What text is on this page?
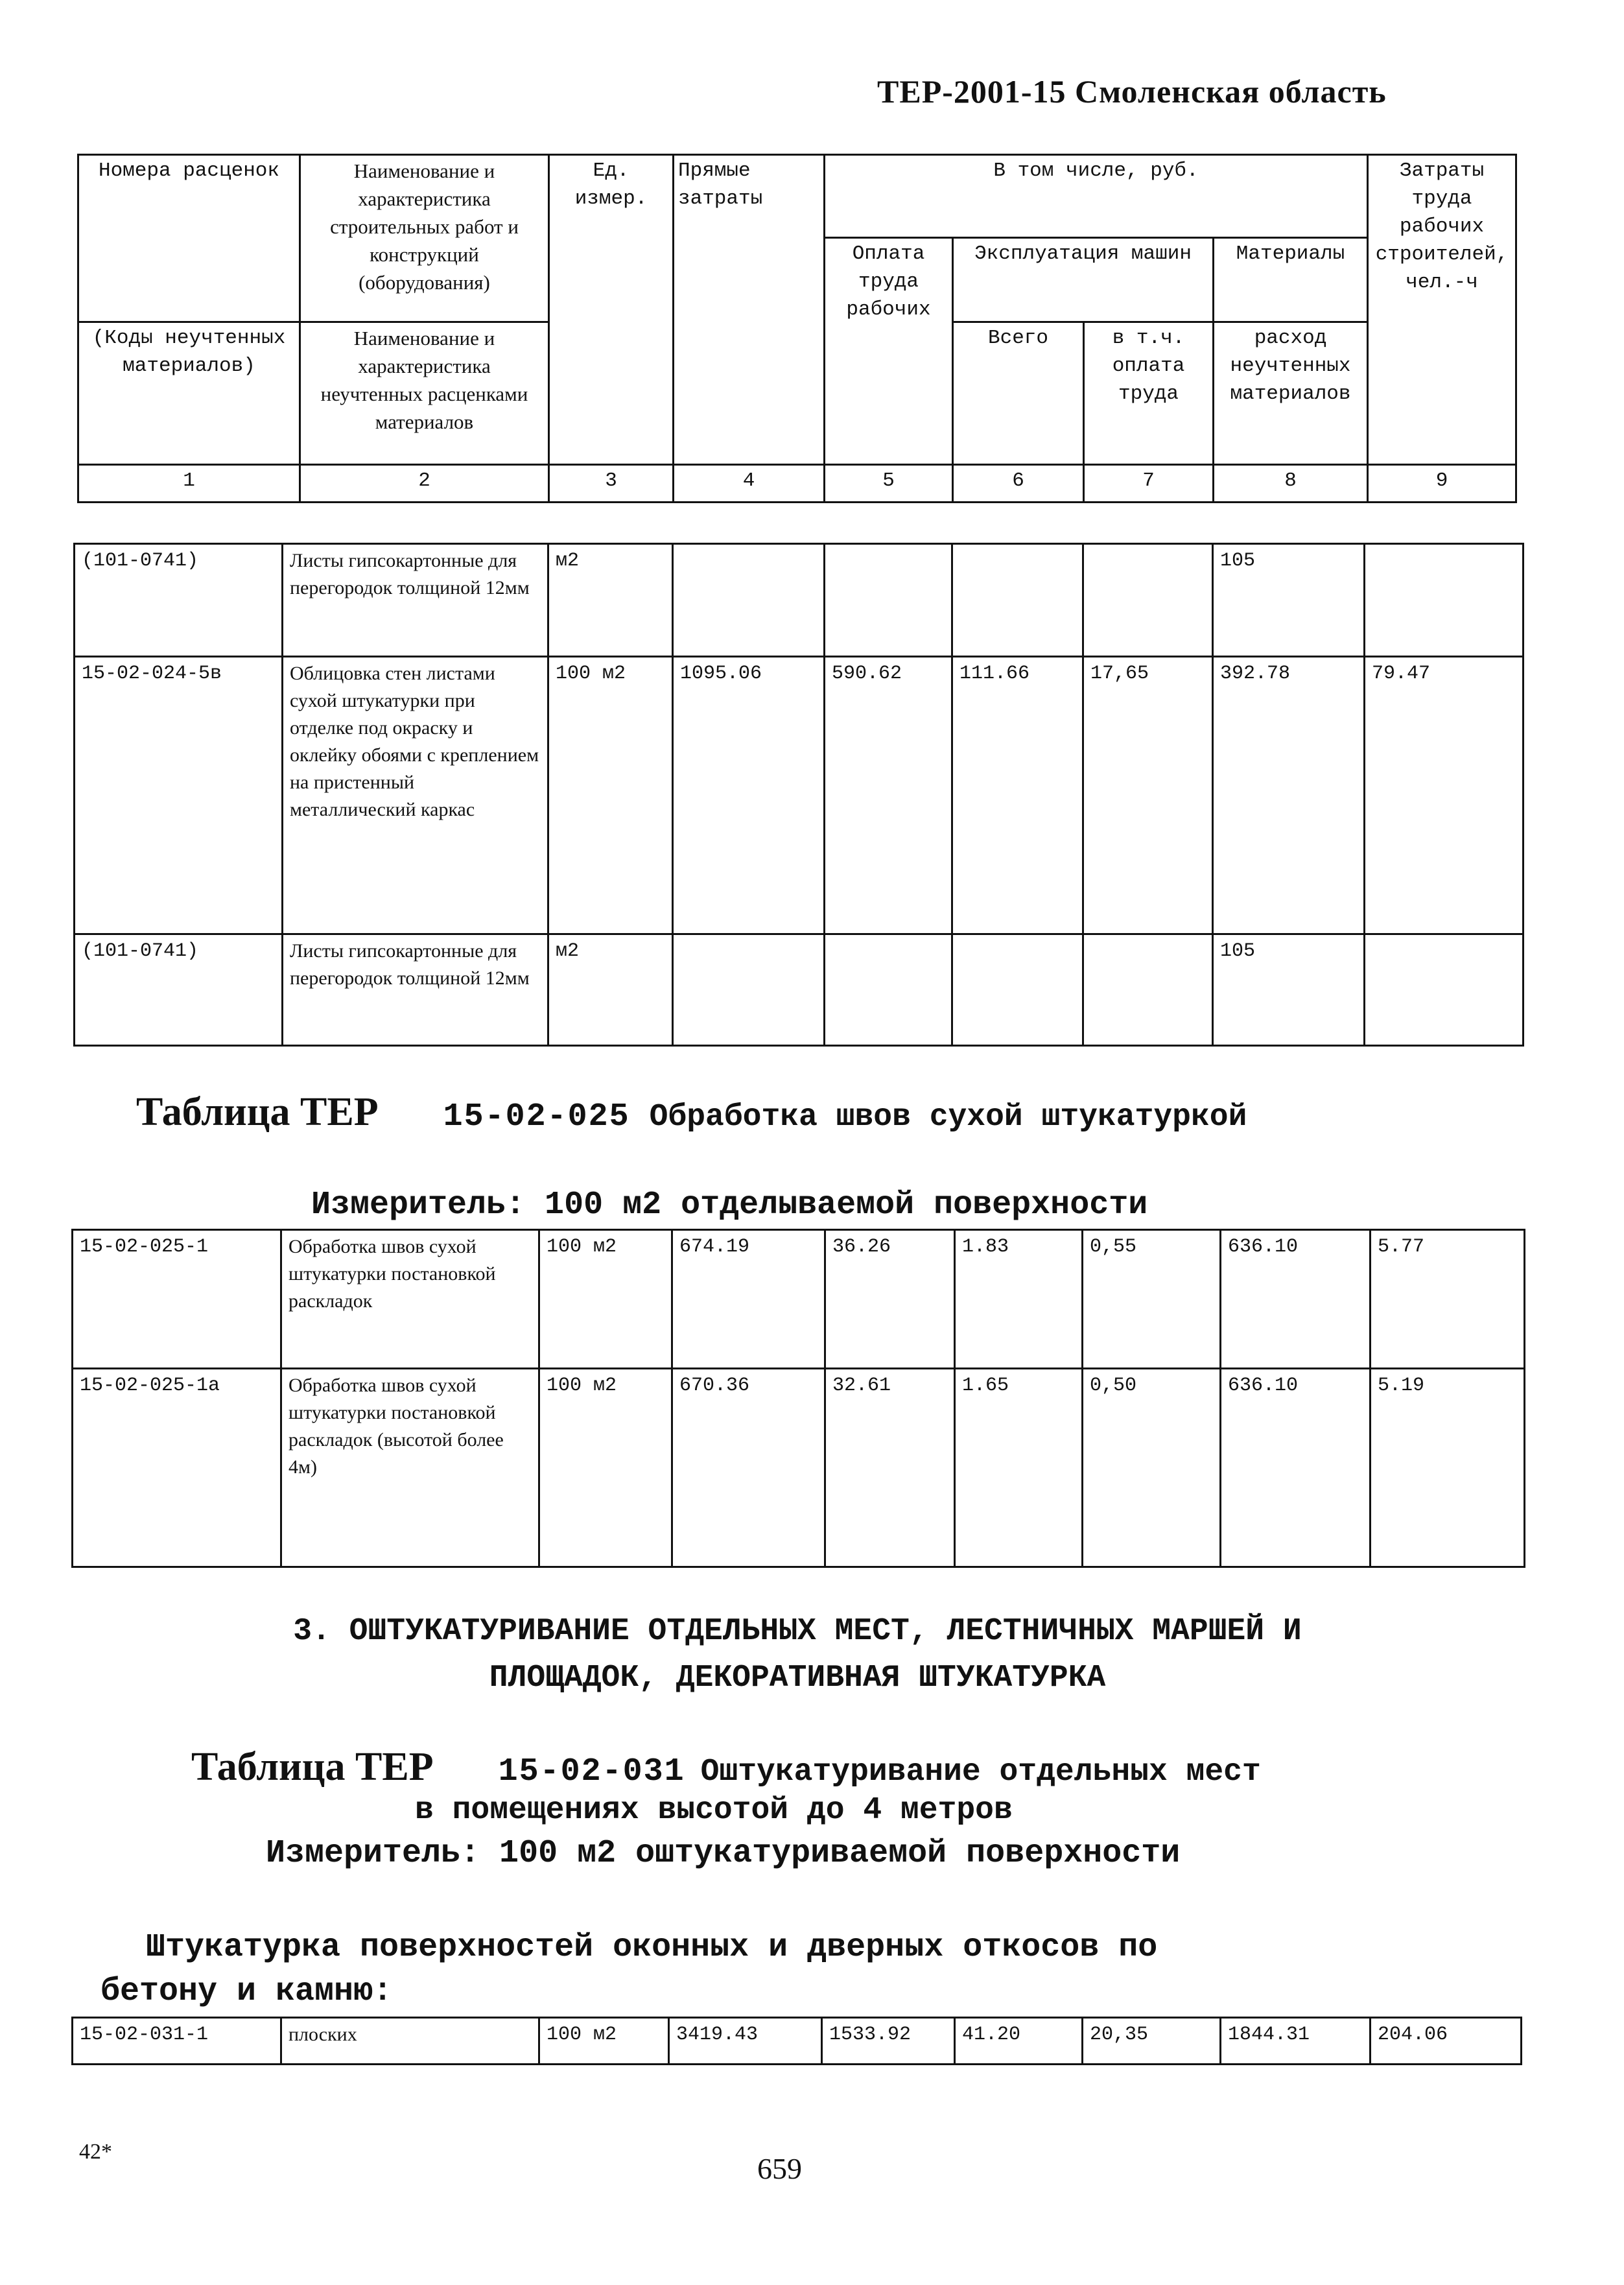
ТЕР-2001-15 Смоленская область
Номера расценок	Наименование и характеристика строительных работ и конструкций (оборудования)	Ед. измер.	Прямые затраты	В том числе, руб.				Затраты труда рабочих строителей, чел.-ч
				Оплата труда рабочих	Эксплуатация машин		Материалы	
(Коды неучтенных материалов)	Наименование и характеристика неучтенных расценками материалов				Всего	в т.ч. оплата труда	расход неучтенных материалов	
1	2	3	4	5	6	7	8	9
(101-0741)	Листы гипсокартонные для перегородок толщиной 12мм	м2					105	
15-02-024-5в	Облицовка стен листами сухой штукатурки при отделке под окраску и оклейку обоями с креплением на пристенный металлический каркас	100 м2	1095.06	590.62	111.66	17,65	392.78	79.47
(101-0741)	Листы гипсокартонные для перегородок толщиной 12мм	м2					105	
Таблица ТЕР 15-02-025 Обработка швов сухой штукатуркой
Измеритель: 100 м2 отделываемой поверхности
15-02-025-1	Обработка швов сухой штукатурки постановкой раскладок	100 м2	674.19	36.26	1.83	0,55	636.10	5.77
15-02-025-1а	Обработка швов сухой штукатурки постановкой раскладок (высотой более 4м)	100 м2	670.36	32.61	1.65	0,50	636.10	5.19
3. ОШТУКАТУРИВАНИЕ ОТДЕЛЬНЫХ МЕСТ, ЛЕСТНИЧНЫХ МАРШЕЙ И
ПЛОЩАДОК, ДЕКОРАТИВНАЯ ШТУКАТУРКА
Таблица ТЕР 15-02-031 Оштукатуривание отдельных мест
в помещениях высотой до 4 метров
Измеритель: 100 м2 оштукатуриваемой поверхности
Штукатурка поверхностей оконных и дверных откосов по
бетону и камню:
15-02-031-1	плоских	100 м2	3419.43	1533.92	41.20	20,35	1844.31	204.06
42*
659
